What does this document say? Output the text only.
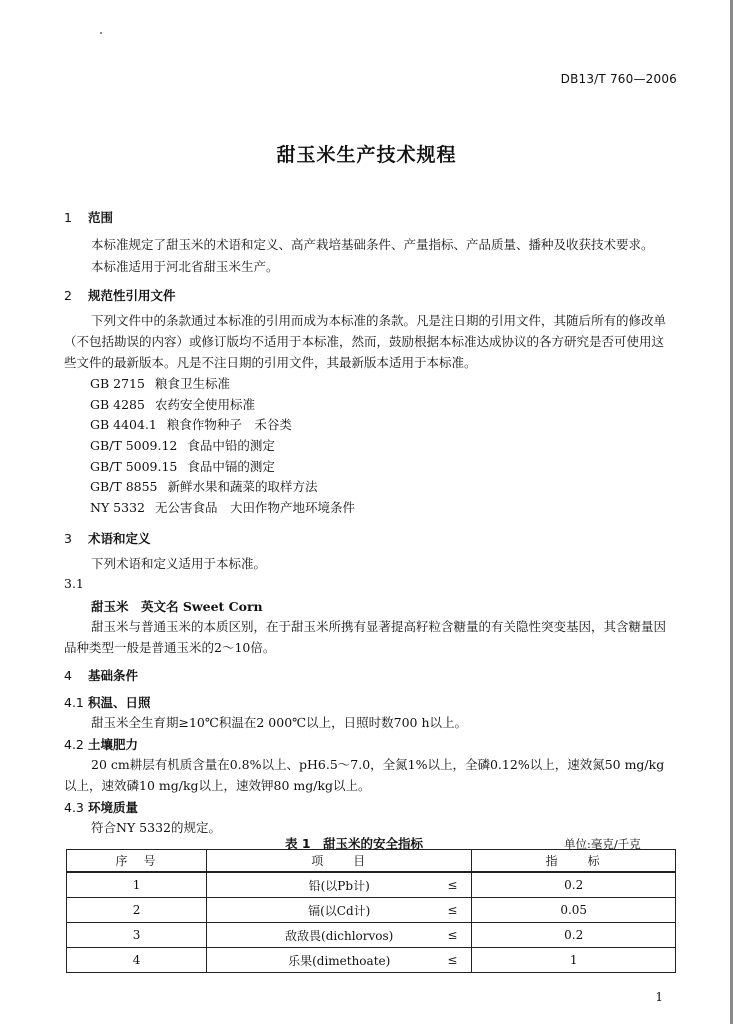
DB13/T 760—2006
甜玉米生产技术规程
1 范围
本标准规定了甜玉米的术语和定义、高产栽培基础条件、产量指标、产品质量、播种及收获技术要求。
本标准适用于河北省甜玉米生产。
2 规范性引用文件
下列文件中的条款通过本标准的引用而成为本标准的条款。凡是注日期的引用文件，其随后所有的修改单（不包括勘误的内容）或修订版均不适用于本标准，然而，鼓励根据本标准达成协议的各方研究是否可使用这些文件的最新版本。凡是不注日期的引用文件，其最新版本适用于本标准。
GB 2715 粮食卫生标准
GB 4285 农药安全使用标准
GB 4404.1 粮食作物种子　禾谷类
GB/T 5009.12 食品中铅的测定
GB/T 5009.15 食品中镉的测定
GB/T 8855 新鲜水果和蔬菜的取样方法
NY 5332 无公害食品　大田作物产地环境条件
3 术语和定义
下列术语和定义适用于本标准。
3.1
甜玉米　英文名 Sweet Corn
甜玉米与普通玉米的本质区别，在于甜玉米所携有显著提高籽粒含糖量的有关隐性突变基因，其含糖量因品种类型一般是普通玉米的2～10倍。
4 基础条件
4.1 积温、日照
甜玉米全生育期≥10℃积温在2 000℃以上，日照时数700 h以上。
4.2 土壤肥力
20 cm耕层有机质含量在0.8%以上、pH6.5～7.0，全氮1%以上，全磷0.12%以上，速效氮50 mg/kg以上，速效磷10 mg/kg以上，速效钾80 mg/kg以上。
4.3 环境质量
符合NY 5332的规定。
表 1　甜玉米的安全指标	单位:毫克/千克
序　号	项　　目	指　　标
1	铅(以Pb计) ≤	0.2
2	镉(以Cd计) ≤	0.05
3	敌敌畏(dichlorvos) ≤	0.2
4	乐果(dimethoate) ≤	1
1
